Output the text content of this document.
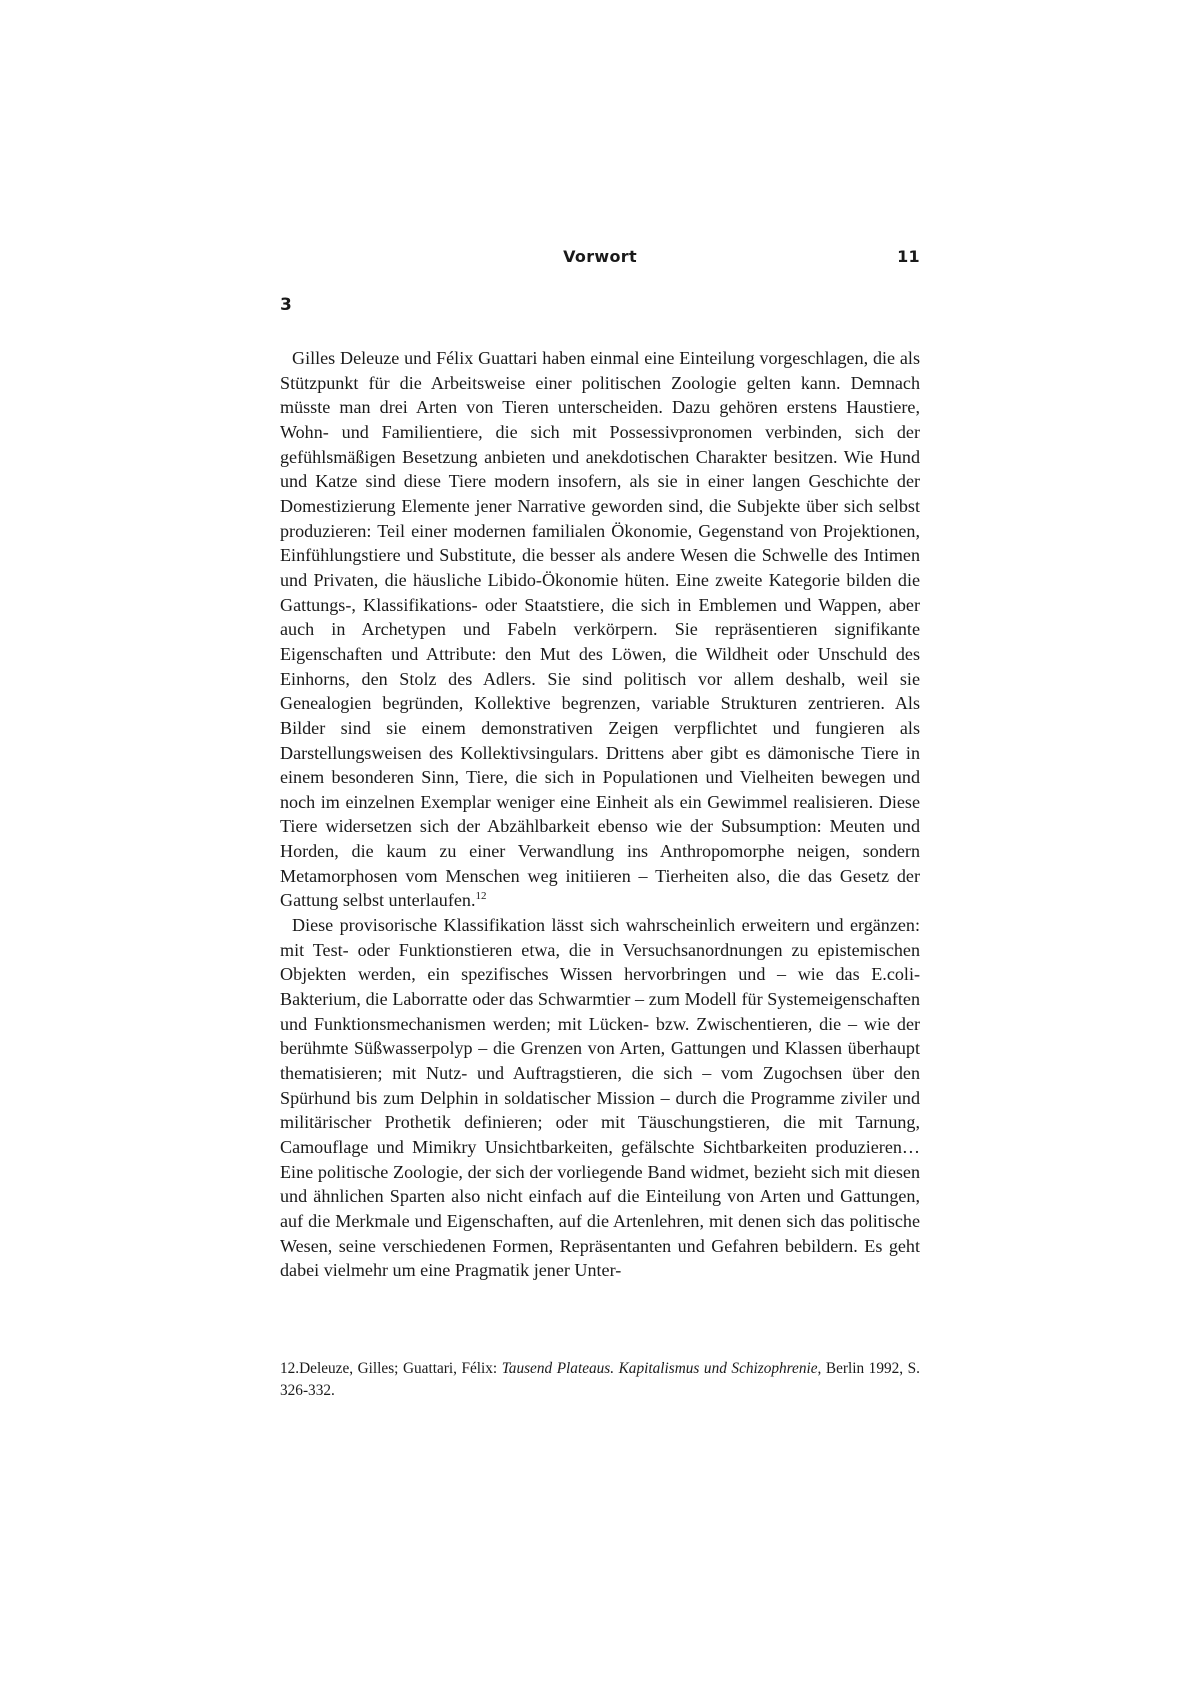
Vorwort	11
3

Gilles Deleuze und Félix Guattari haben einmal eine Einteilung vorgeschlagen, die als Stützpunkt für die Arbeitsweise einer politischen Zoologie gelten kann. Demnach müsste man drei Arten von Tieren unterscheiden. Dazu gehören erstens Haustiere, Wohn- und Familientiere, die sich mit Possessivpronomen verbinden, sich der gefühlsmäßigen Besetzung anbieten und anekdotischen Charakter besitzen. Wie Hund und Katze sind diese Tiere modern insofern, als sie in einer langen Geschichte der Domestizierung Elemente jener Narrative geworden sind, die Subjekte über sich selbst produzieren: Teil einer modernen familialen Ökonomie, Gegenstand von Projektionen, Einfühlungstiere und Substitute, die besser als andere Wesen die Schwelle des Intimen und Privaten, die häusliche Libido-Ökonomie hüten. Eine zweite Kategorie bilden die Gattungs-, Klassifikations- oder Staatstiere, die sich in Emblemen und Wappen, aber auch in Archetypen und Fabeln verkörpern. Sie repräsentieren signifikante Eigenschaften und Attribute: den Mut des Löwen, die Wildheit oder Unschuld des Einhorns, den Stolz des Adlers. Sie sind politisch vor allem deshalb, weil sie Genealogien begründen, Kollektive begrenzen, variable Strukturen zentrieren. Als Bilder sind sie einem demonstrativen Zeigen verpflichtet und fungieren als Darstellungsweisen des Kollektivsingulars. Drittens aber gibt es dämonische Tiere in einem besonderen Sinn, Tiere, die sich in Populationen und Vielheiten bewegen und noch im einzelnen Exemplar weniger eine Einheit als ein Gewimmel realisieren. Diese Tiere widersetzen sich der Abzählbarkeit ebenso wie der Subsumption: Meuten und Horden, die kaum zu einer Verwandlung ins Anthropomorphe neigen, sondern Metamorphosen vom Menschen weg initiieren – Tierheiten also, die das Gesetz der Gattung selbst unterlaufen.$^{12}$

Diese provisorische Klassifikation lässt sich wahrscheinlich erweitern und ergänzen: mit Test- oder Funktionstieren etwa, die in Versuchsanordnungen zu epistemischen Objekten werden, ein spezifisches Wissen hervorbringen und – wie das E.coli-Bakterium, die Laborratte oder das Schwarmtier – zum Modell für Systemeigenschaften und Funktionsmechanismen werden; mit Lücken- bzw. Zwischentieren, die – wie der berühmte Süßwasserpolyp – die Grenzen von Arten, Gattungen und Klassen überhaupt thematisieren; mit Nutz- und Auftragstieren, die sich – vom Zugochsen über den Spürhund bis zum Delphin in soldatischer Mission – durch die Programme ziviler und militärischer Prothetik definieren; oder mit Täuschungstieren, die mit Tarnung, Camouflage und Mimikry Unsichtbarkeiten, gefälschte Sichtbarkeiten produzieren… Eine politische Zoologie, der sich der vorliegende Band widmet, bezieht sich mit diesen und ähnlichen Sparten also nicht einfach auf die Einteilung von Arten und Gattungen, auf die Merkmale und Eigenschaften, auf die Artenlehren, mit denen sich das politische Wesen, seine verschiedenen Formen, Repräsentanten und Gefahren bebildern. Es geht dabei vielmehr um eine Pragmatik jener Unter-

12.Deleuze, Gilles; Guattari, Félix: Tausend Plateaus. Kapitalismus und Schizophrenie, Berlin 1992, S. 326-332.
